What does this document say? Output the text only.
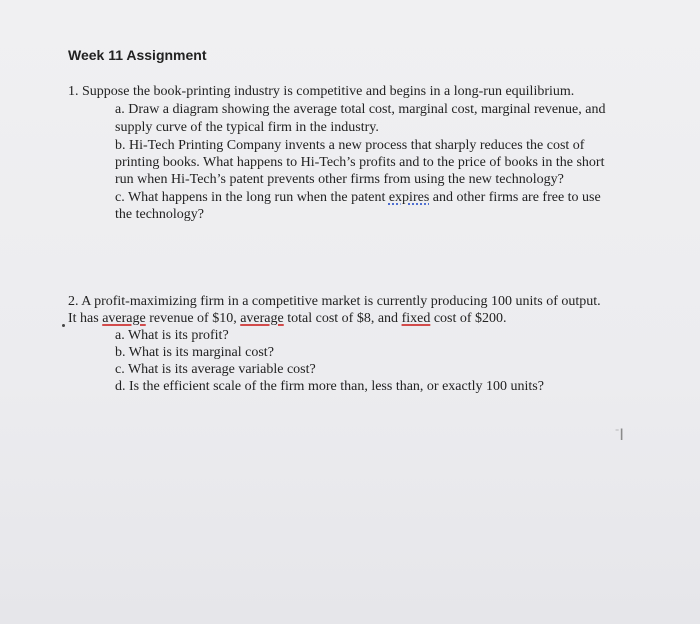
Week 11 Assignment
1. Suppose the book-printing industry is competitive and begins in a long-run equilibrium.
a. Draw a diagram showing the average total cost, marginal cost, marginal revenue, and
supply curve of the typical firm in the industry.
b. Hi-Tech Printing Company invents a new process that sharply reduces the cost of
printing books. What happens to Hi-Tech’s profits and to the price of books in the short
run when Hi-Tech’s patent prevents other firms from using the new technology?
c. What happens in the long run when the patent expires and other firms are free to use
the technology?
2. A profit-maximizing firm in a competitive market is currently producing 100 units of output.
It has average revenue of $10, average total cost of $8, and fixed cost of $200.
a. What is its profit?
b. What is its marginal cost?
c. What is its average variable cost?
d. Is the efficient scale of the firm more than, less than, or exactly 100 units?
⁼I
